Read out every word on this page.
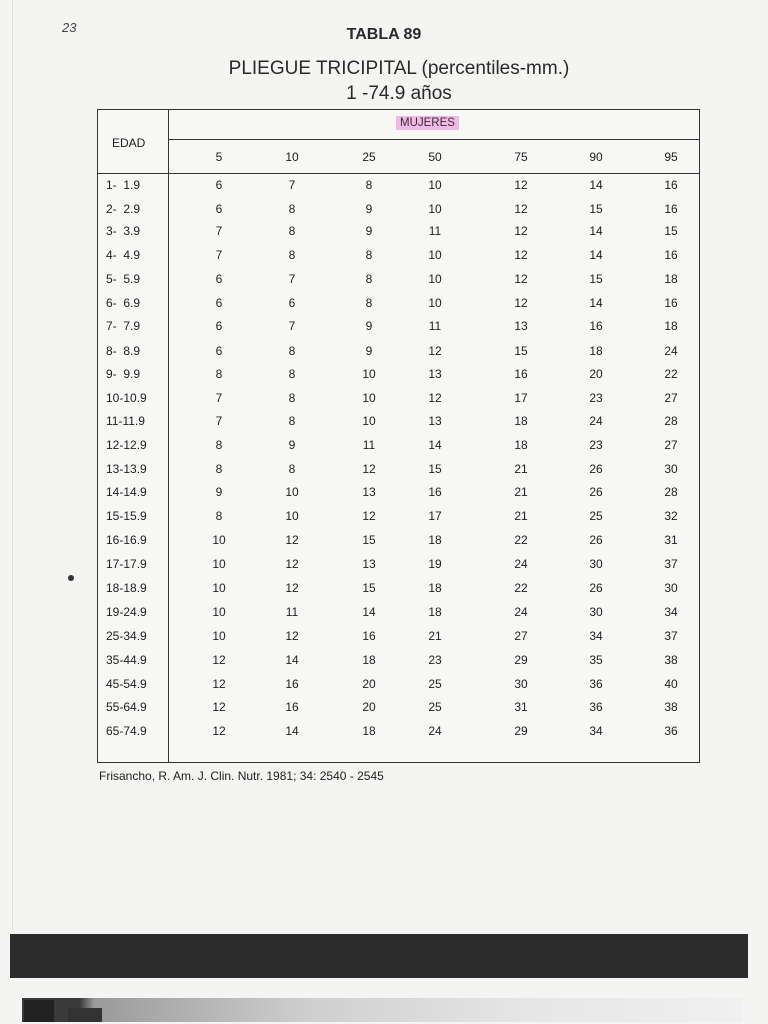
23	TABLA 89
PLIEGUE TRICIPITAL (percentiles-mm.)
1 -74.9 años
EDAD
MUJERES
5	10	25	50	75	90	95
1-  1.9	6	7	8	10	12	14	16
2-  2.9	6	8	9	10	12	15	16
3-  3.9	7	8	9	11	12	14	15
4-  4.9	7	8	8	10	12	14	16
5-  5.9	6	7	8	10	12	15	18
6-  6.9	6	6	8	10	12	14	16
7-  7.9	6	7	9	11	13	16	18
8-  8.9	6	8	9	12	15	18	24
9-  9.9	8	8	10	13	16	20	22
10-10.9	7	8	10	12	17	23	27
11-11.9	7	8	10	13	18	24	28
12-12.9	8	9	11	14	18	23	27
13-13.9	8	8	12	15	21	26	30
14-14.9	9	10	13	16	21	26	28
15-15.9	8	10	12	17	21	25	32
16-16.9	10	12	15	18	22	26	31
17-17.9	10	12	13	19	24	30	37
18-18.9	10	12	15	18	22	26	30
19-24.9	10	11	14	18	24	30	34
25-34.9	10	12	16	21	27	34	37
35-44.9	12	14	18	23	29	35	38
45-54.9	12	16	20	25	30	36	40
55-64.9	12	16	20	25	31	36	38
65-74.9	12	14	18	24	29	34	36
Frisancho, R. Am. J. Clin. Nutr. 1981; 34: 2540 - 2545
